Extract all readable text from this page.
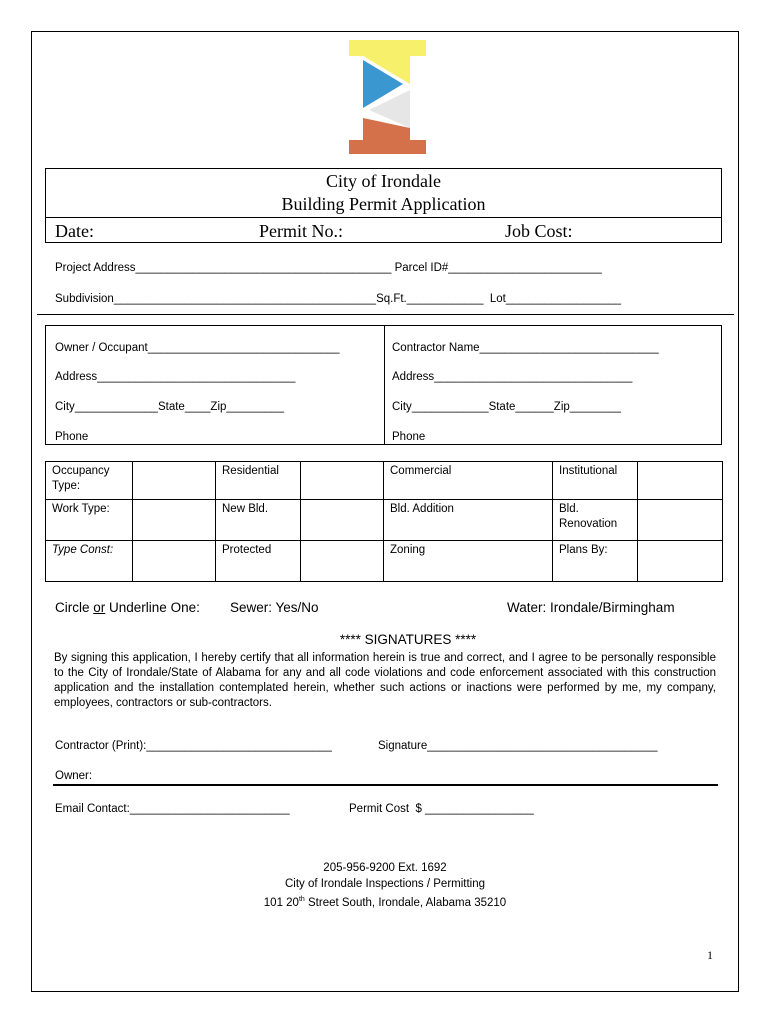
City of Irondale
Building Permit Application
Date:	Permit No.:	Job Cost:
Project Address________________________________________ Parcel ID#________________________
Subdivision_________________________________________Sq.Ft.____________ Lot__________________
Owner / Occupant______________________________
Address_______________________________
City_____________State____Zip_________
Phone
Contractor Name____________________________
Address_______________________________
City____________State______Zip________
Phone
Occupancy Type:		Residential		Commercial	Institutional	
Work Type:		New Bld.		Bld. Addition	Bld. Renovation	
Type Const:		Protected		Zoning	Plans By:	
Circle or Underline One: Sewer: Yes/No	Water: Irondale/Birmingham
**** SIGNATURES ****
By signing this application, I hereby certify that all information herein is true and correct, and I agree to be personally responsible to the City of Irondale/State of Alabama for any and all code violations and code enforcement associated with this construction application and the installation contemplated herein, whether such actions or inactions were performed by me, my company, employees, contractors or sub-contractors.
Contractor (Print):_____________________________	Signature____________________________________
Owner:
Email Contact:_________________________	Permit Cost  $ _________________
205-956-9200 Ext. 1692
City of Irondale Inspections / Permitting
101 20th Street South, Irondale, Alabama 35210
1
